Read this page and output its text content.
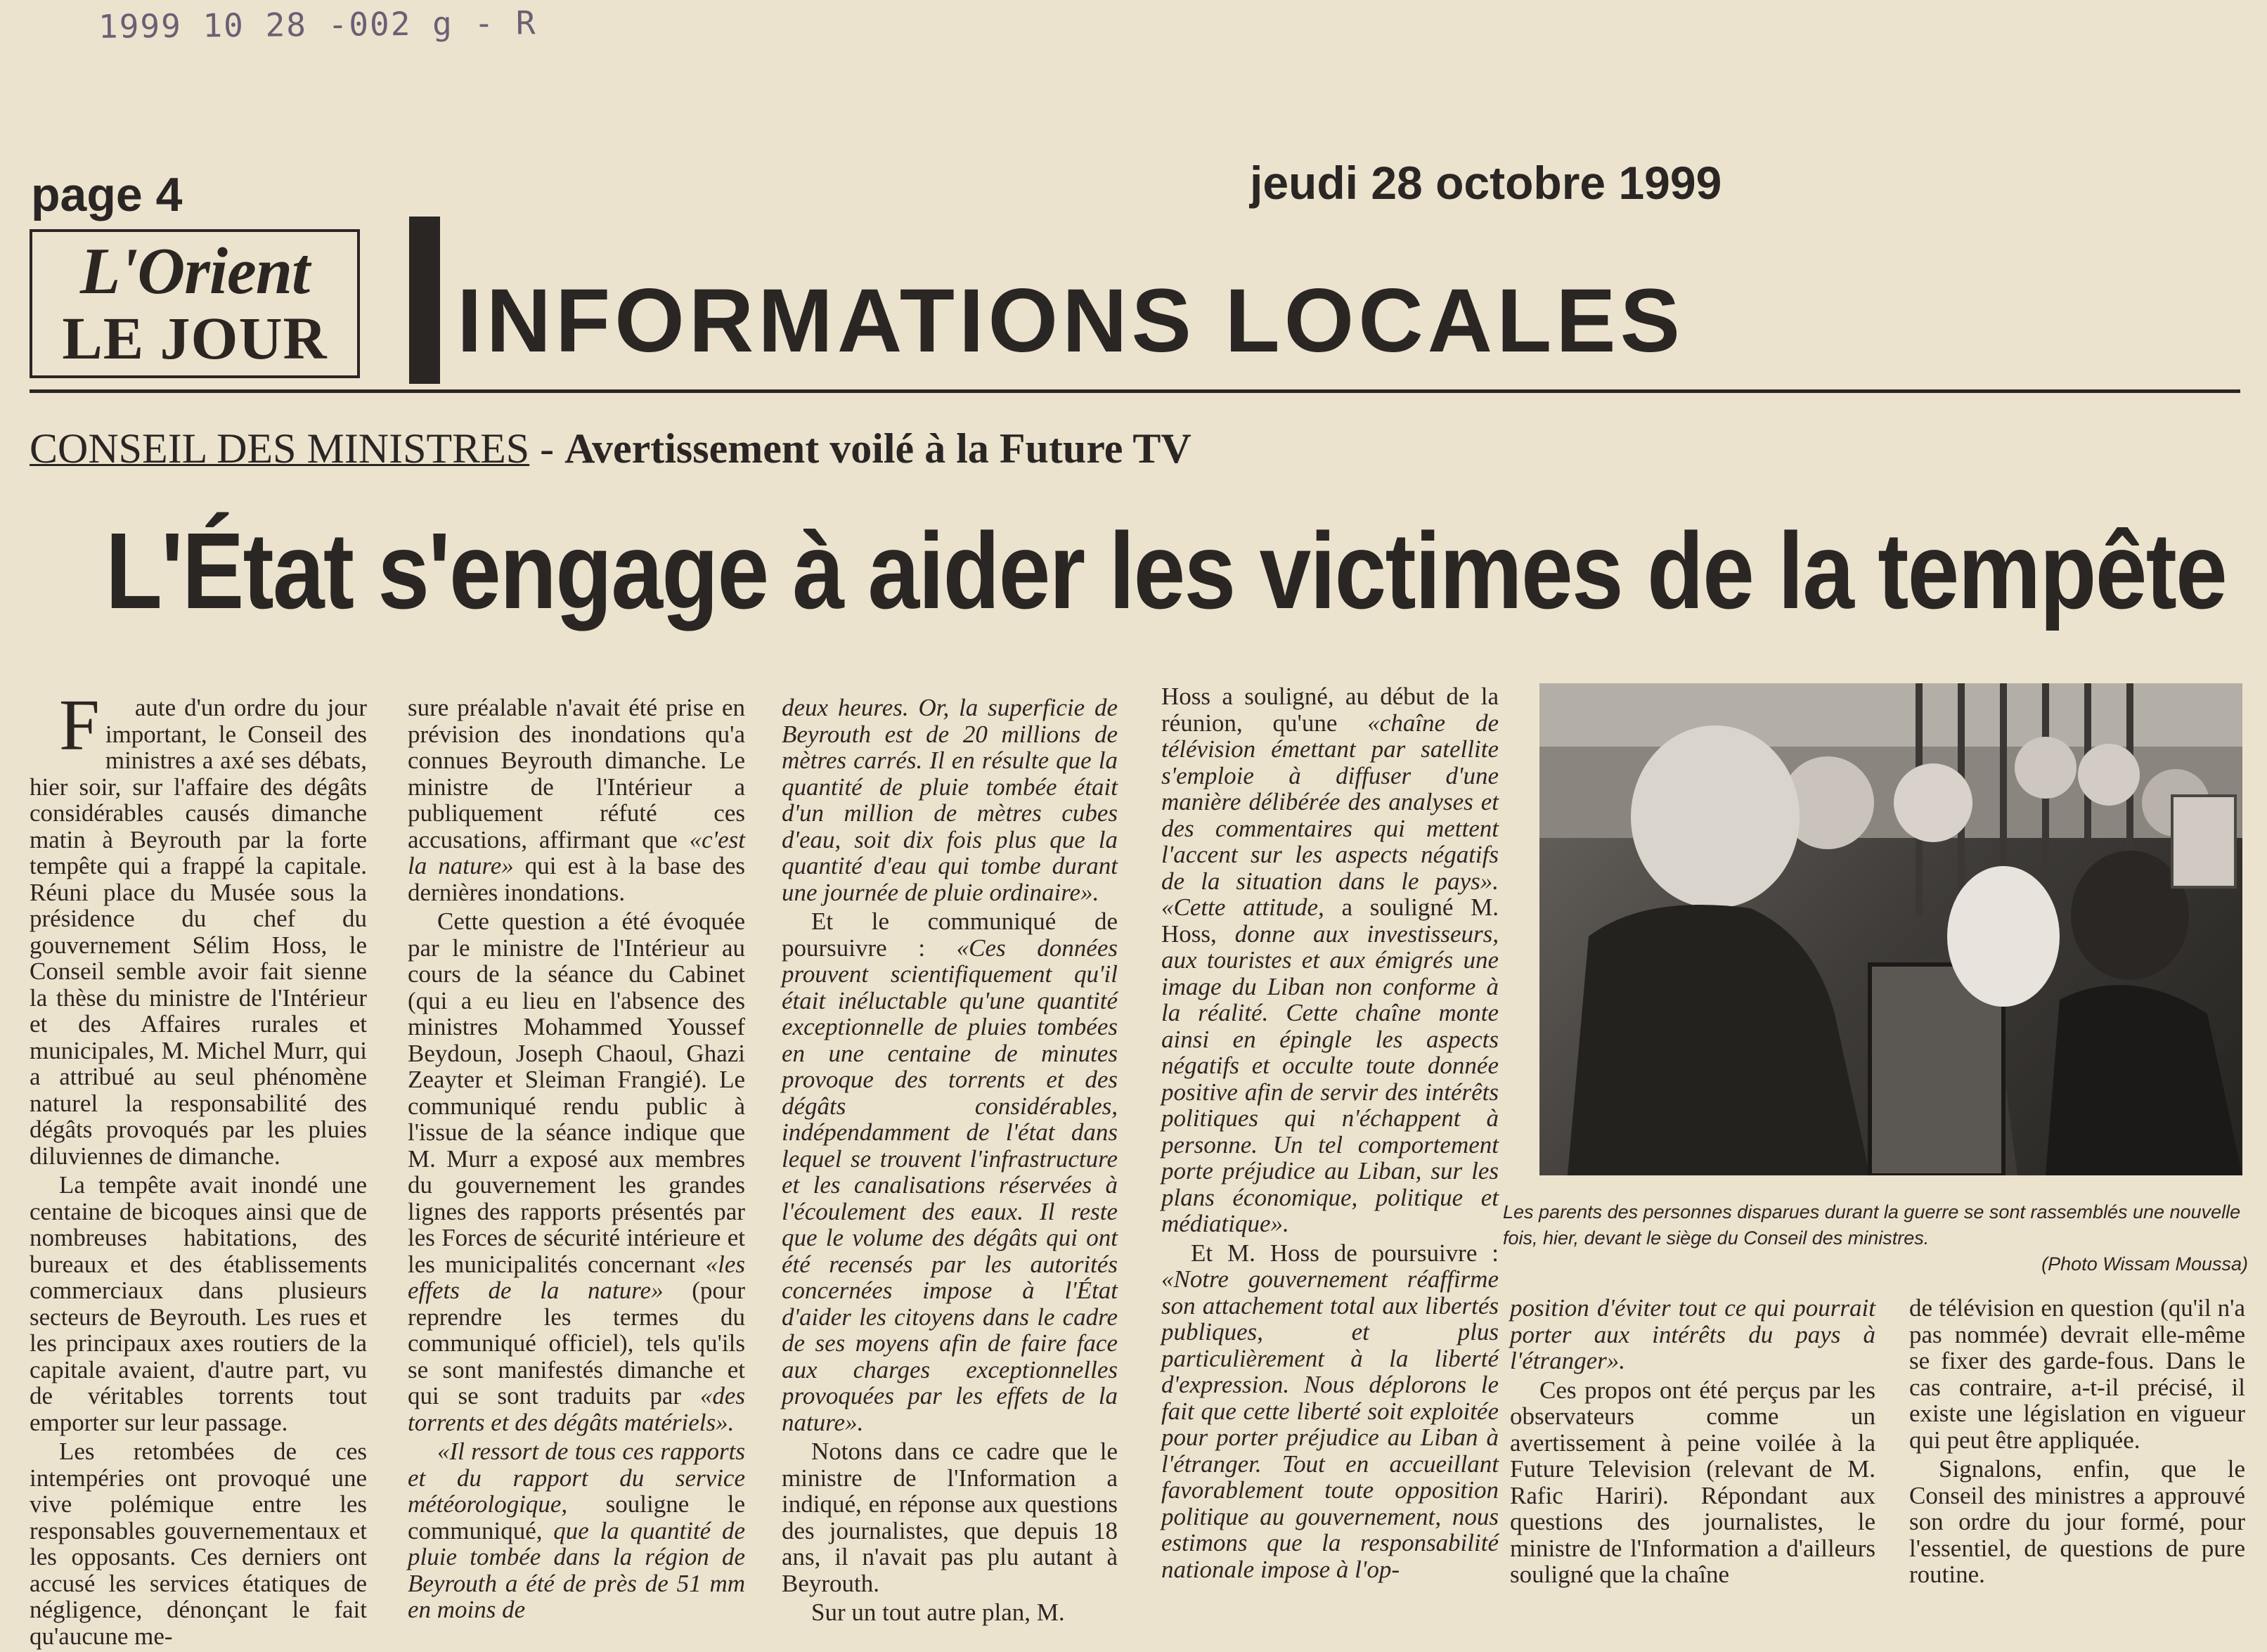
1999 10 28 -002 g - R
page 4	jeudi 28 octobre 1999
L'Orient
LE JOUR	INFORMATIONS LOCALES
CONSEIL DES MINISTRES - Avertissement voilé à la Future TV
L'État s'engage à aider les victimes de la tempête

Faute d'un ordre du jour important, le Conseil des ministres a axé ses débats, hier soir, sur l'affaire des dégâts considérables causés dimanche matin à Beyrouth par la forte tempête qui a frappé la capitale. Réuni place du Musée sous la présidence du chef du gouvernement Sélim Hoss, le Conseil semble avoir fait sienne la thèse du ministre de l'Intérieur et des Affaires rurales et municipales, M. Michel Murr, qui a attribué au seul phénomène naturel la responsabilité des dégâts provoqués par les pluies diluviennes de dimanche.

La tempête avait inondé une centaine de bicoques ainsi que de nombreuses habitations, des bureaux et des établissements commerciaux dans plusieurs secteurs de Beyrouth. Les rues et les principaux axes routiers de la capitale avaient, d'autre part, vu de véritables torrents tout emporter sur leur passage.

Les retombées de ces intempéries ont provoqué une vive polémique entre les responsables gouvernementaux et les opposants. Ces derniers ont accusé les services étatiques de négligence, dénonçant le fait qu'aucune me-

sure préalable n'avait été prise en prévision des inondations qu'a connues Beyrouth dimanche. Le ministre de l'Intérieur a publiquement réfuté ces accusations, affirmant que «c'est la nature» qui est à la base des dernières inondations.

Cette question a été évoquée par le ministre de l'Intérieur au cours de la séance du Cabinet (qui a eu lieu en l'absence des ministres Mohammed Youssef Beydoun, Joseph Chaoul, Ghazi Zeayter et Sleiman Frangié). Le communiqué rendu public à l'issue de la séance indique que M. Murr a exposé aux membres du gouvernement les grandes lignes des rapports présentés par les Forces de sécurité intérieure et les municipalités concernant «les effets de la nature» (pour reprendre les termes du communiqué officiel), tels qu'ils se sont manifestés dimanche et qui se sont traduits par «des torrents et des dégâts matériels».

«Il ressort de tous ces rapports et du rapport du service météorologique, souligne le communiqué, que la quantité de pluie tombée dans la région de Beyrouth a été de près de 51 mm en moins de

deux heures. Or, la superficie de Beyrouth est de 20 millions de mètres carrés. Il en résulte que la quantité de pluie tombée était d'un million de mètres cubes d'eau, soit dix fois plus que la quantité d'eau qui tombe durant une journée de pluie ordinaire».

Et le communiqué de poursuivre : «Ces données prouvent scientifiquement qu'il était inéluctable qu'une quantité exceptionnelle de pluies tombées en une centaine de minutes provoque des torrents et des dégâts considérables, indépendamment de l'état dans lequel se trouvent l'infrastructure et les canalisations réservées à l'écoulement des eaux. Il reste que le volume des dégâts qui ont été recensés par les autorités concernées impose à l'État d'aider les citoyens dans le cadre de ses moyens afin de faire face aux charges exceptionnelles provoquées par les effets de la nature».

Notons dans ce cadre que le ministre de l'Information a indiqué, en réponse aux questions des journalistes, que depuis 18 ans, il n'avait pas plu autant à Beyrouth.

Sur un tout autre plan, M.

Hoss a souligné, au début de la réunion, qu'une «chaîne de télévision émettant par satellite s'emploie à diffuser d'une manière délibérée des analyses et des commentaires qui mettent l'accent sur les aspects négatifs de la situation dans le pays». «Cette attitude, a souligné M. Hoss, donne aux investisseurs, aux touristes et aux émigrés une image du Liban non conforme à la réalité. Cette chaîne monte ainsi en épingle les aspects négatifs et occulte toute donnée positive afin de servir des intérêts politiques qui n'échappent à personne. Un tel comportement porte préjudice au Liban, sur les plans économique, politique et médiatique».

Et M. Hoss de poursuivre : «Notre gouvernement réaffirme son attachement total aux libertés publiques, et plus particulièrement à la liberté d'expression. Nous déplorons le fait que cette liberté soit exploitée pour porter préjudice au Liban à l'étranger. Tout en accueillant favorablement toute opposition politique au gouvernement, nous estimons que la responsabilité nationale impose à l'op-

Les parents des personnes disparues durant la guerre se sont rassemblés une nouvelle fois, hier, devant le siège du Conseil des ministres.
(Photo Wissam Moussa)

position d'éviter tout ce qui pourrait porter aux intérêts du pays à l'étranger».

Ces propos ont été perçus par les observateurs comme un avertissement à peine voilée à la Future Television (relevant de M. Rafic Hariri). Répondant aux questions des journalistes, le ministre de l'Information a d'ailleurs souligné que la chaîne

de télévision en question (qu'il n'a pas nommée) devrait elle-même se fixer des garde-fous. Dans le cas contraire, a-t-il précisé, il existe une législation en vigueur qui peut être appliquée.

Signalons, enfin, que le Conseil des ministres a approuvé son ordre du jour formé, pour l'essentiel, de questions de pure routine.
